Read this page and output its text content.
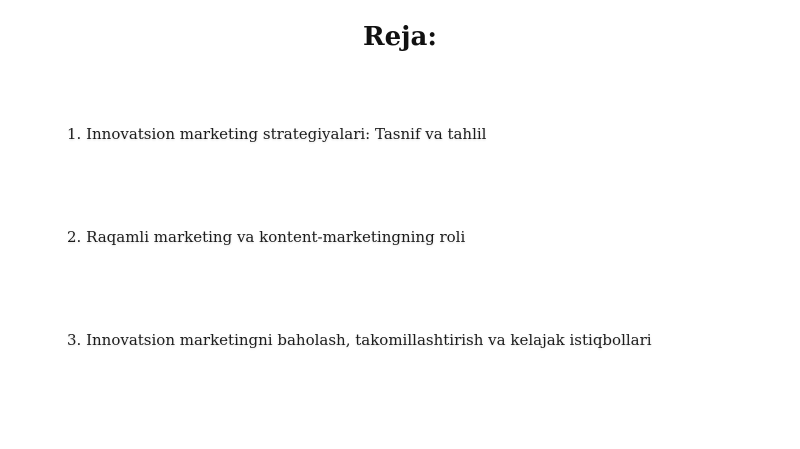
Reja:
1. Innovatsion marketing strategiyalari: Tasnif va tahlil
2. Raqamli marketing va kontent-marketingning roli
3. Innovatsion marketingni baholash, takomillashtirish va kelajak istiqbollari
